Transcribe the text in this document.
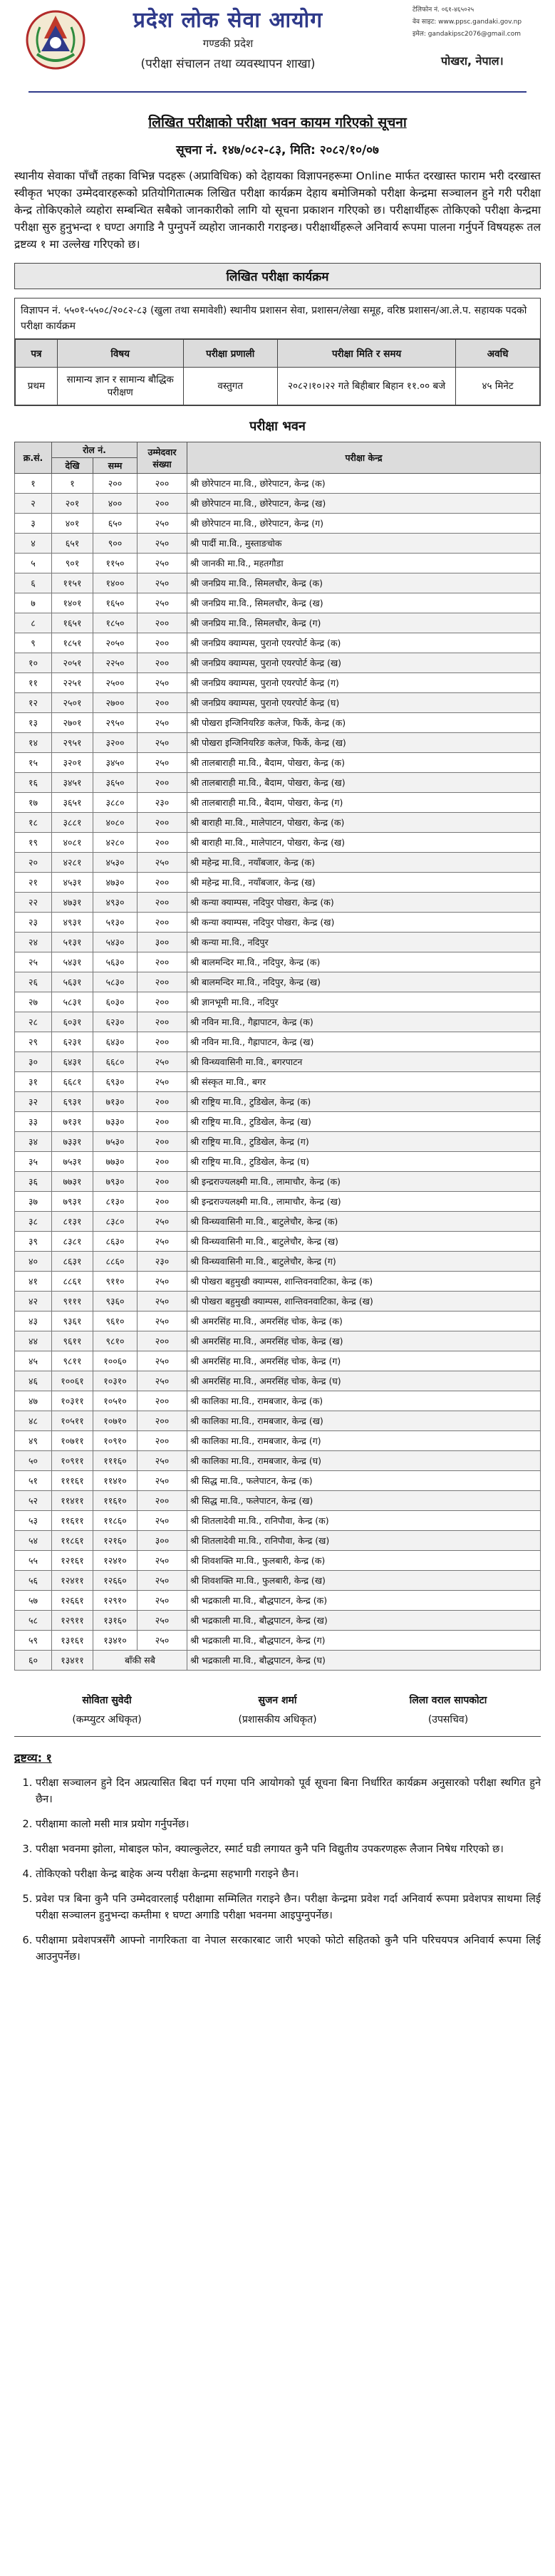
प्रदेश लोक सेवा आयोग
गण्डकी प्रदेश
(परीक्षा संचालन तथा व्यवस्थापन शाखा)
टेलिफोन नं. ०६१-४६५०२५
वेव साइट: www.ppsc.gandaki.gov.np
इमेल: gandakipsc2076@gmail.com
पोखरा, नेपाल।
लिखित परीक्षाको परीक्षा भवन कायम गरिएको सूचना
सूचना नं. १४७/०८२-८३, मिति: २०८२/१०/०७

स्थानीय सेवाका पाँचौं तहका विभिन्न पदहरू (अप्राविधिक) को देहायका विज्ञापनहरूमा Online मार्फत दरखास्त फाराम भरी दरखास्त स्वीकृत भएका उम्मेदवारहरूको प्रतियोगितात्मक लिखित परीक्षा कार्यक्रम देहाय बमोजिमको परीक्षा केन्द्रमा सञ्चालन हुने गरी परीक्षा केन्द्र तोकिएकोले व्यहोरा सम्बन्धित सबैको जानकारीको लागि यो सूचना प्रकाशन गरिएको छ। परीक्षार्थीहरू तोकिएको परीक्षा केन्द्रमा परीक्षा सुरु हुनुभन्दा १ घण्टा अगाडि नै पुग्नुपर्ने व्यहोरा जानकारी गराइन्छ। परीक्षार्थीहरूले अनिवार्य रूपमा पालना गर्नुपर्ने विषयहरू तल द्रष्टव्य १ मा उल्लेख गरिएको छ।

लिखित परीक्षा कार्यक्रम
विज्ञापन नं. ५५०१-५५०८/२०८२-८३ (खुला तथा समावेशी) स्थानीय प्रशासन सेवा, प्रशासन/लेखा समूह, वरिष्ठ प्रशासन/आ.ले.प. सहायक पदको परीक्षा कार्यक्रम
पत्र	विषय	परीक्षा प्रणाली	परीक्षा मिति र समय	अवधि
प्रथम	सामान्य ज्ञान र सामान्य बौद्धिक परीक्षण	वस्तुगत	२०८२।१०।२२ गते बिहीबार बिहान ११.०० बजे	४५ मिनेट
परीक्षा भवन
क्र.सं.	रोल नं.		उम्मेदवार संख्या	परीक्षा केन्द्र
	देखि	सम्म		
१	१	२००	२००	श्री छोरेपाटन मा.वि., छोरेपाटन, केन्द्र (क)
२	२०१	४००	२००	श्री छोरेपाटन मा.वि., छोरेपाटन, केन्द्र (ख)
३	४०१	६५०	२५०	श्री छोरेपाटन मा.वि., छोरेपाटन, केन्द्र (ग)
४	६५१	९००	२५०	श्री पार्दी मा.वि., मुस्ताङचोक
५	९०१	११५०	२५०	श्री जानकी मा.वि., महतगौडा
६	११५१	१४००	२५०	श्री जनप्रिय मा.वि., सिमलचौर, केन्द्र (क)
७	१४०१	१६५०	२५०	श्री जनप्रिय मा.वि., सिमलचौर, केन्द्र (ख)
८	१६५१	१८५०	२००	श्री जनप्रिय मा.वि., सिमलचौर, केन्द्र (ग)
९	१८५१	२०५०	२००	श्री जनप्रिय क्याम्पस, पुरानो एयरपोर्ट केन्द्र (क)
१०	२०५१	२२५०	२००	श्री जनप्रिय क्याम्पस, पुरानो एयरपोर्ट केन्द्र (ख)
११	२२५१	२५००	२५०	श्री जनप्रिय क्याम्पस, पुरानो एयरपोर्ट केन्द्र (ग)
१२	२५०१	२७००	२००	श्री जनप्रिय क्याम्पस, पुरानो एयरपोर्ट केन्द्र (घ)
१३	२७०१	२९५०	२५०	श्री पोखरा इन्जिनियरिङ कलेज, फिर्के, केन्द्र (क)
१४	२९५१	३२००	२५०	श्री पोखरा इन्जिनियरिङ कलेज, फिर्के, केन्द्र (ख)
१५	३२०१	३४५०	२५०	श्री तालबाराही मा.वि., बैदाम, पोखरा, केन्द्र (क)
१६	३४५१	३६५०	२००	श्री तालबाराही मा.वि., बैदाम, पोखरा, केन्द्र (ख)
१७	३६५१	३८८०	२३०	श्री तालबाराही मा.वि., बैदाम, पोखरा, केन्द्र (ग)
१८	३८८१	४०८०	२००	श्री बाराही मा.वि., मालेपाटन, पोखरा, केन्द्र (क)
१९	४०८१	४२८०	२००	श्री बाराही मा.वि., मालेपाटन, पोखरा, केन्द्र (ख)
२०	४२८१	४५३०	२५०	श्री महेन्द्र मा.वि., नयाँबजार, केन्द्र (क)
२१	४५३१	४७३०	२००	श्री महेन्द्र मा.वि., नयाँबजार, केन्द्र (ख)
२२	४७३१	४९३०	२००	श्री कन्या क्याम्पस, नदिपुर पोखरा, केन्द्र (क)
२३	४९३१	५१३०	२००	श्री कन्या क्याम्पस, नदिपुर पोखरा, केन्द्र (ख)
२४	५१३१	५४३०	३००	श्री कन्या मा.वि., नदिपुर
२५	५४३१	५६३०	२००	श्री बालमन्दिर मा.वि., नदिपुर, केन्द्र (क)
२६	५६३१	५८३०	२००	श्री बालमन्दिर मा.वि., नदिपुर, केन्द्र (ख)
२७	५८३१	६०३०	२००	श्री ज्ञानभूमी मा.वि., नदिपुर
२८	६०३१	६२३०	२००	श्री नविन मा.वि., गैह्रापाटन, केन्द्र (क)
२९	६२३१	६४३०	२००	श्री नविन मा.वि., गैह्रापाटन, केन्द्र (ख)
३०	६४३१	६६८०	२५०	श्री विन्ध्यवासिनी मा.वि., बगरपाटन
३१	६६८१	६९३०	२५०	श्री संस्कृत मा.वि., बगर
३२	६९३१	७१३०	२००	श्री राष्ट्रिय मा.वि., टुडिखेल, केन्द्र (क)
३३	७१३१	७३३०	२००	श्री राष्ट्रिय मा.वि., टुडिखेल, केन्द्र (ख)
३४	७३३१	७५३०	२००	श्री राष्ट्रिय मा.वि., टुडिखेल, केन्द्र (ग)
३५	७५३१	७७३०	२००	श्री राष्ट्रिय मा.वि., टुडिखेल, केन्द्र (घ)
३६	७७३१	७९३०	२००	श्री इन्द्रराज्यलक्ष्मी मा.वि., लामाचौर, केन्द्र (क)
३७	७९३१	८१३०	२००	श्री इन्द्रराज्यलक्ष्मी मा.वि., लामाचौर, केन्द्र (ख)
३८	८१३१	८३८०	२५०	श्री विन्ध्यवासिनी मा.वि., बाटुलेचौर, केन्द्र (क)
३९	८३८१	८६३०	२५०	श्री विन्ध्यवासिनी मा.वि., बाटुलेचौर, केन्द्र (ख)
४०	८६३१	८८६०	२३०	श्री विन्ध्यवासिनी मा.वि., बाटुलेचौर, केन्द्र (ग)
४१	८८६१	९११०	२५०	श्री पोखरा बहुमुखी क्याम्पस, शान्तिवनवाटिका, केन्द्र (क)
४२	९१११	९३६०	२५०	श्री पोखरा बहुमुखी क्याम्पस, शान्तिवनवाटिका, केन्द्र (ख)
४३	९३६१	९६१०	२५०	श्री अमरसिंह मा.वि., अमरसिंह चोक, केन्द्र (क)
४४	९६११	९८१०	२००	श्री अमरसिंह मा.वि., अमरसिंह चोक, केन्द्र (ख)
४५	९८११	१००६०	२५०	श्री अमरसिंह मा.वि., अमरसिंह चोक, केन्द्र (ग)
४६	१००६१	१०३१०	२५०	श्री अमरसिंह मा.वि., अमरसिंह चोक, केन्द्र (घ)
४७	१०३११	१०५१०	२००	श्री कालिका मा.वि., रामबजार, केन्द्र (क)
४८	१०५११	१०७१०	२००	श्री कालिका मा.वि., रामबजार, केन्द्र (ख)
४९	१०७११	१०९१०	२००	श्री कालिका मा.वि., रामबजार, केन्द्र (ग)
५०	१०९११	१११६०	२५०	श्री कालिका मा.वि., रामबजार, केन्द्र (घ)
५१	१११६१	११४१०	२५०	श्री सिद्ध मा.वि., फलेपाटन, केन्द्र (क)
५२	११४११	११६१०	२००	श्री सिद्ध मा.वि., फलेपाटन, केन्द्र (ख)
५३	११६११	११८६०	२५०	श्री शितलादेवी मा.वि., रानिपौवा, केन्द्र (क)
५४	११८६१	१२१६०	३००	श्री शितलादेवी मा.वि., रानिपौवा, केन्द्र (ख)
५५	१२१६१	१२४१०	२५०	श्री शिवशक्ति मा.वि., फुलबारी, केन्द्र (क)
५६	१२४११	१२६६०	२५०	श्री शिवशक्ति मा.वि., फुलबारी, केन्द्र (ख)
५७	१२६६१	१२९१०	२५०	श्री भद्रकाली मा.वि., बौद्धपाटन, केन्द्र (क)
५८	१२९११	१३१६०	२५०	श्री भद्रकाली मा.वि., बौद्धपाटन, केन्द्र (ख)
५९	१३१६१	१३४१०	२५०	श्री भद्रकाली मा.वि., बौद्धपाटन, केन्द्र (ग)
६०	१३४११	बाँकी सबै		श्री भद्रकाली मा.वि., बौद्धपाटन, केन्द्र (घ)
सोविता सुवेदी
(कम्प्युटर अधिकृत)
सुजन शर्मा
(प्रशासकीय अधिकृत)
लिला वराल सापकोटा
(उपसचिव)
द्रष्टव्य: १
1. परीक्षा सञ्चालन हुने दिन अप्रत्यासित बिदा पर्न गएमा पनि आयोगको पूर्व सूचना बिना निर्धारित कार्यक्रम अनुसारको परीक्षा स्थगित हुने छैन।
2. परीक्षामा कालो मसी मात्र प्रयोग गर्नुपर्नेछ।
3. परीक्षा भवनमा झोला, मोबाइल फोन, क्याल्कुलेटर, स्मार्ट घडी लगायत कुनै पनि विद्युतीय उपकरणहरू लैजान निषेध गरिएको छ।
4. तोकिएको परीक्षा केन्द्र बाहेक अन्य परीक्षा केन्द्रमा सहभागी गराइने छैन।
5. प्रवेश पत्र बिना कुनै पनि उम्मेदवारलाई परीक्षामा सम्मिलित गराइने छैन। परीक्षा केन्द्रमा प्रवेश गर्दा अनिवार्य रूपमा प्रवेशपत्र साथमा लिई परीक्षा सञ्चालन हुनुभन्दा कम्तीमा १ घण्टा अगाडि परीक्षा भवनमा आइपुग्नुपर्नेछ।
6. परीक्षामा प्रवेशपत्रसँगै आफ्नो नागरिकता वा नेपाल सरकारबाट जारी भएको फोटो सहितको कुनै पनि परिचयपत्र अनिवार्य रूपमा लिई आउनुपर्नेछ।
